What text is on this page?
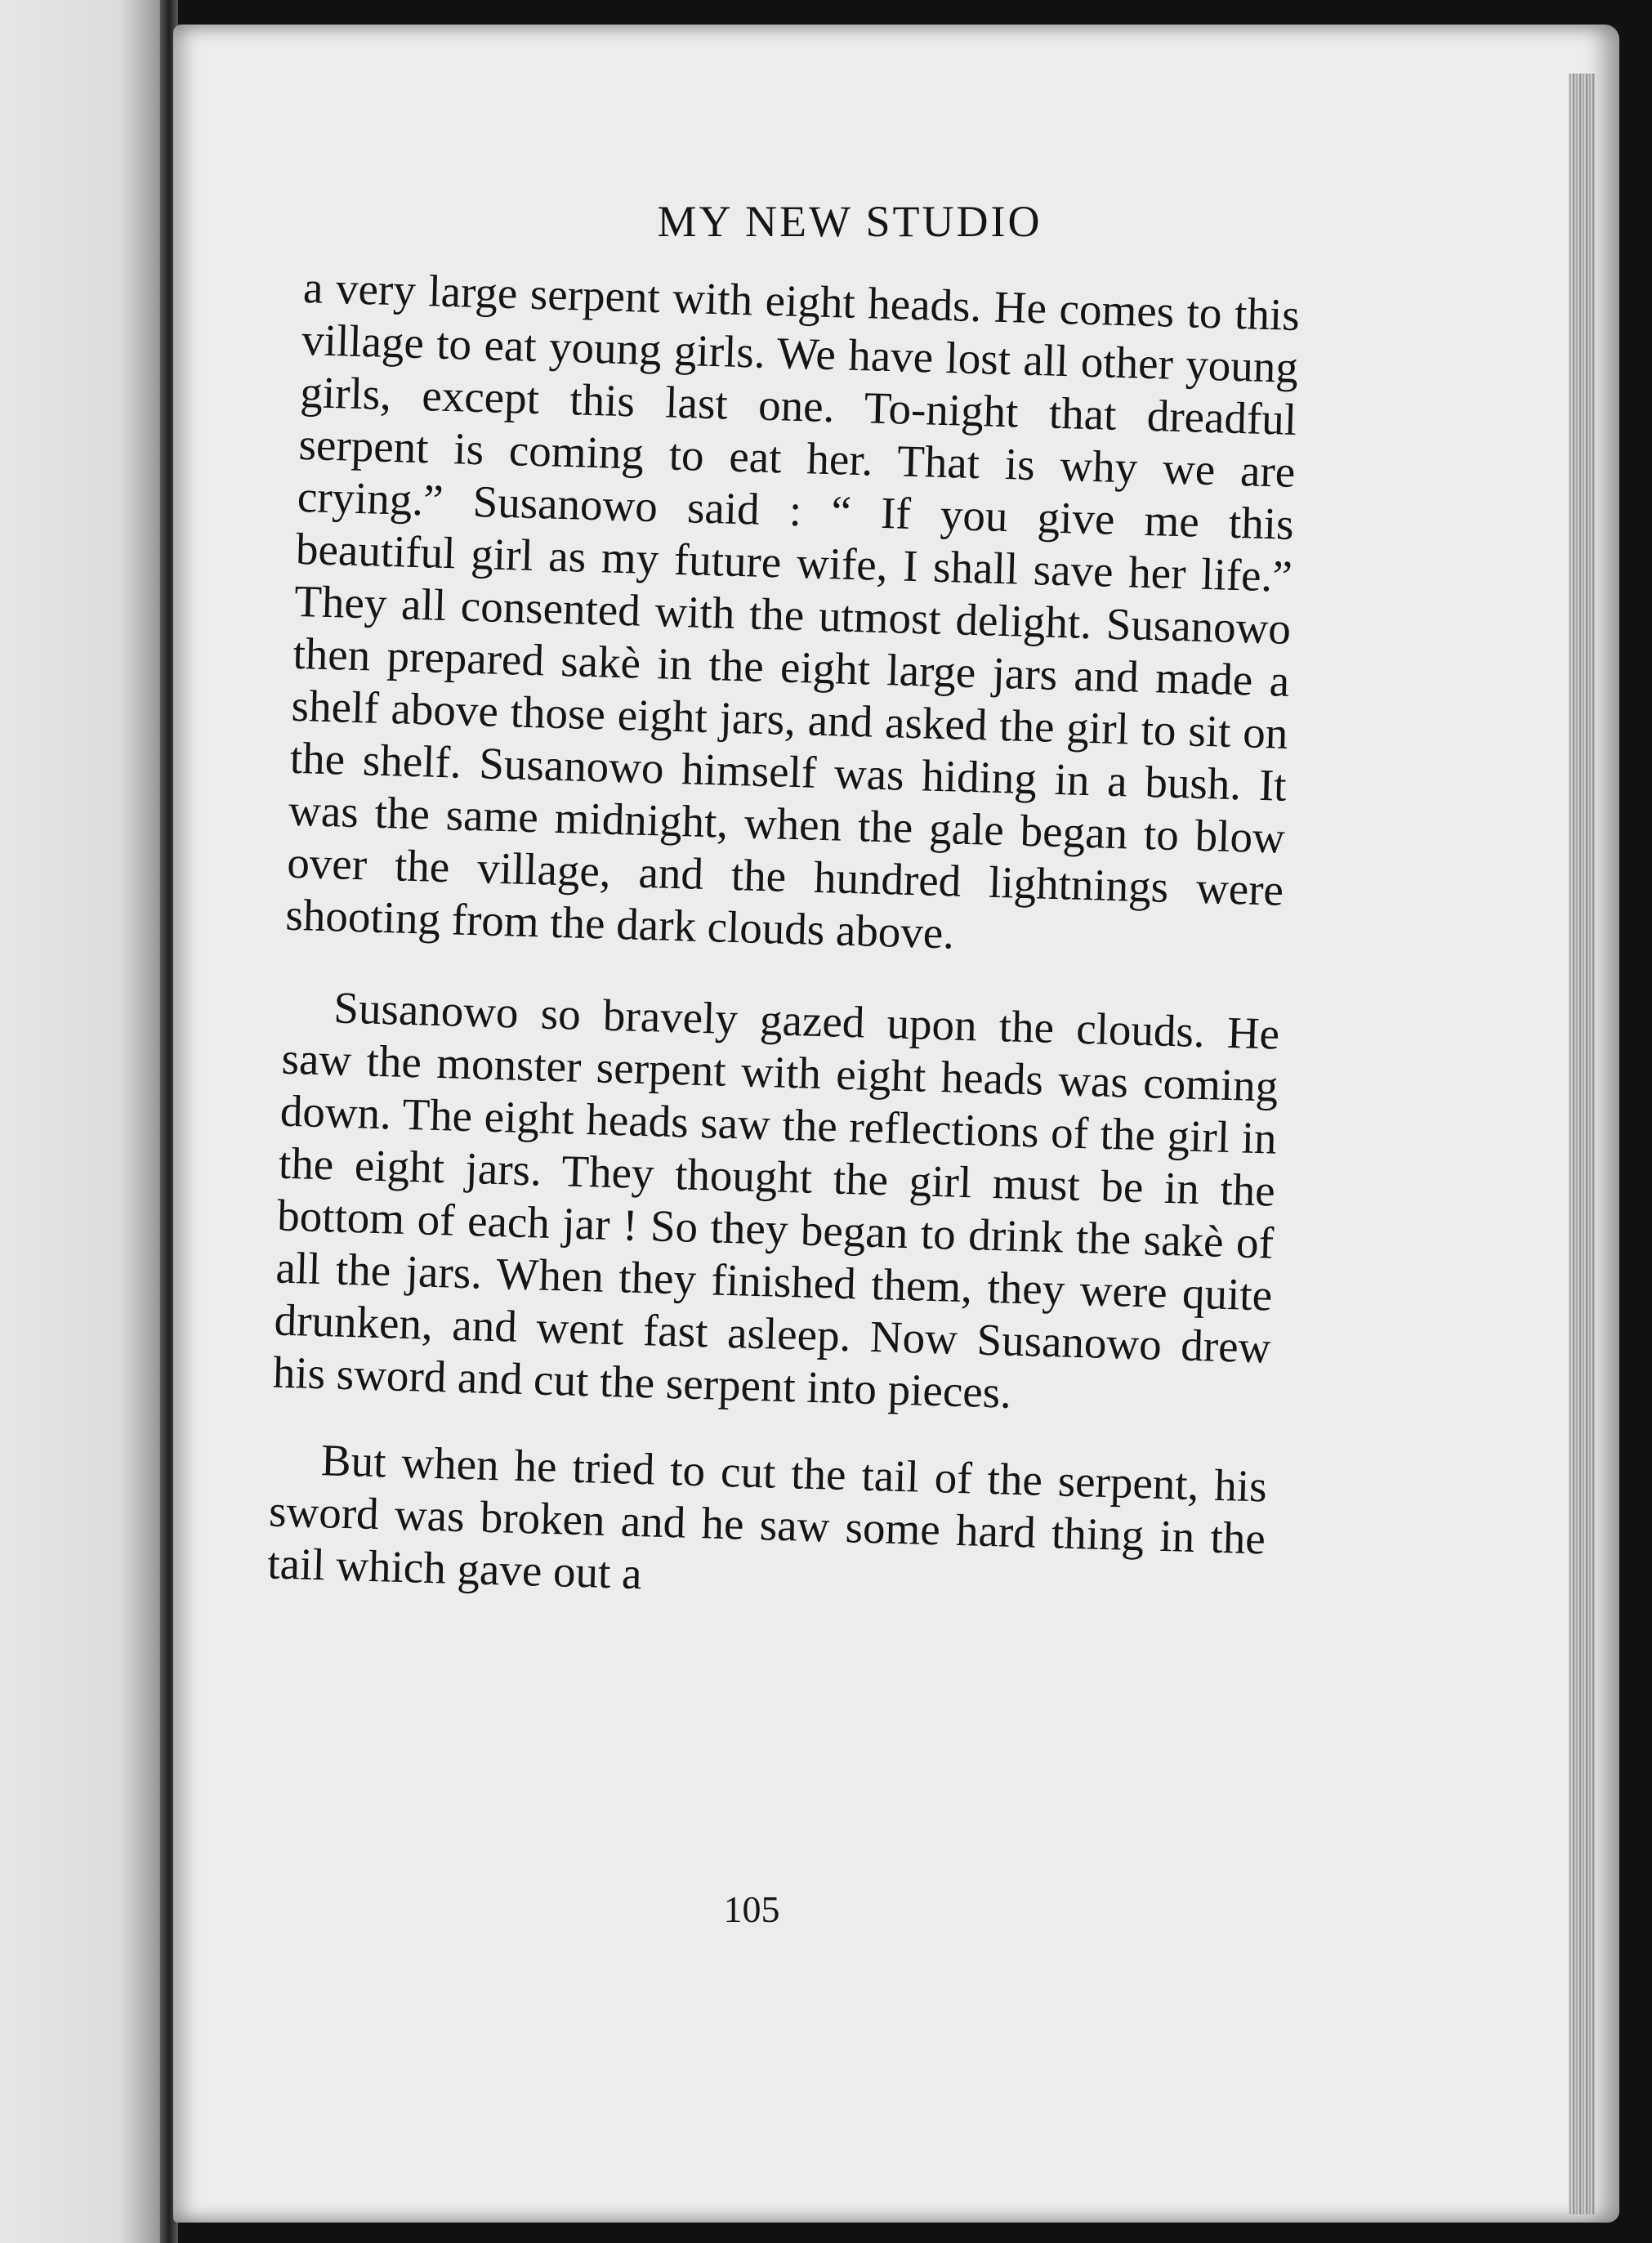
MY NEW STUDIO

a very large serpent with eight heads. He comes to this village to eat young girls. We have lost all other young girls, except this last one. To-night that dreadful serpent is coming to eat her. That is why we are crying.” Susanowo said : “ If you give me this beautiful girl as my future wife, I shall save her life.” They all consented with the utmost delight. Susanowo then prepared sakè in the eight large jars and made a shelf above those eight jars, and asked the girl to sit on the shelf. Susanowo himself was hiding in a bush. It was the same midnight, when the gale began to blow over the village, and the hundred lightnings were shooting from the dark clouds above.

Susanowo so bravely gazed upon the clouds. He saw the monster serpent with eight heads was coming down. The eight heads saw the reflections of the girl in the eight jars. They thought the girl must be in the bottom of each jar ! So they began to drink the sakè of all the jars. When they finished them, they were quite drunken, and went fast asleep. Now Susanowo drew his sword and cut the serpent into pieces.

But when he tried to cut the tail of the serpent, his sword was broken and he saw some hard thing in the tail which gave out a

105
